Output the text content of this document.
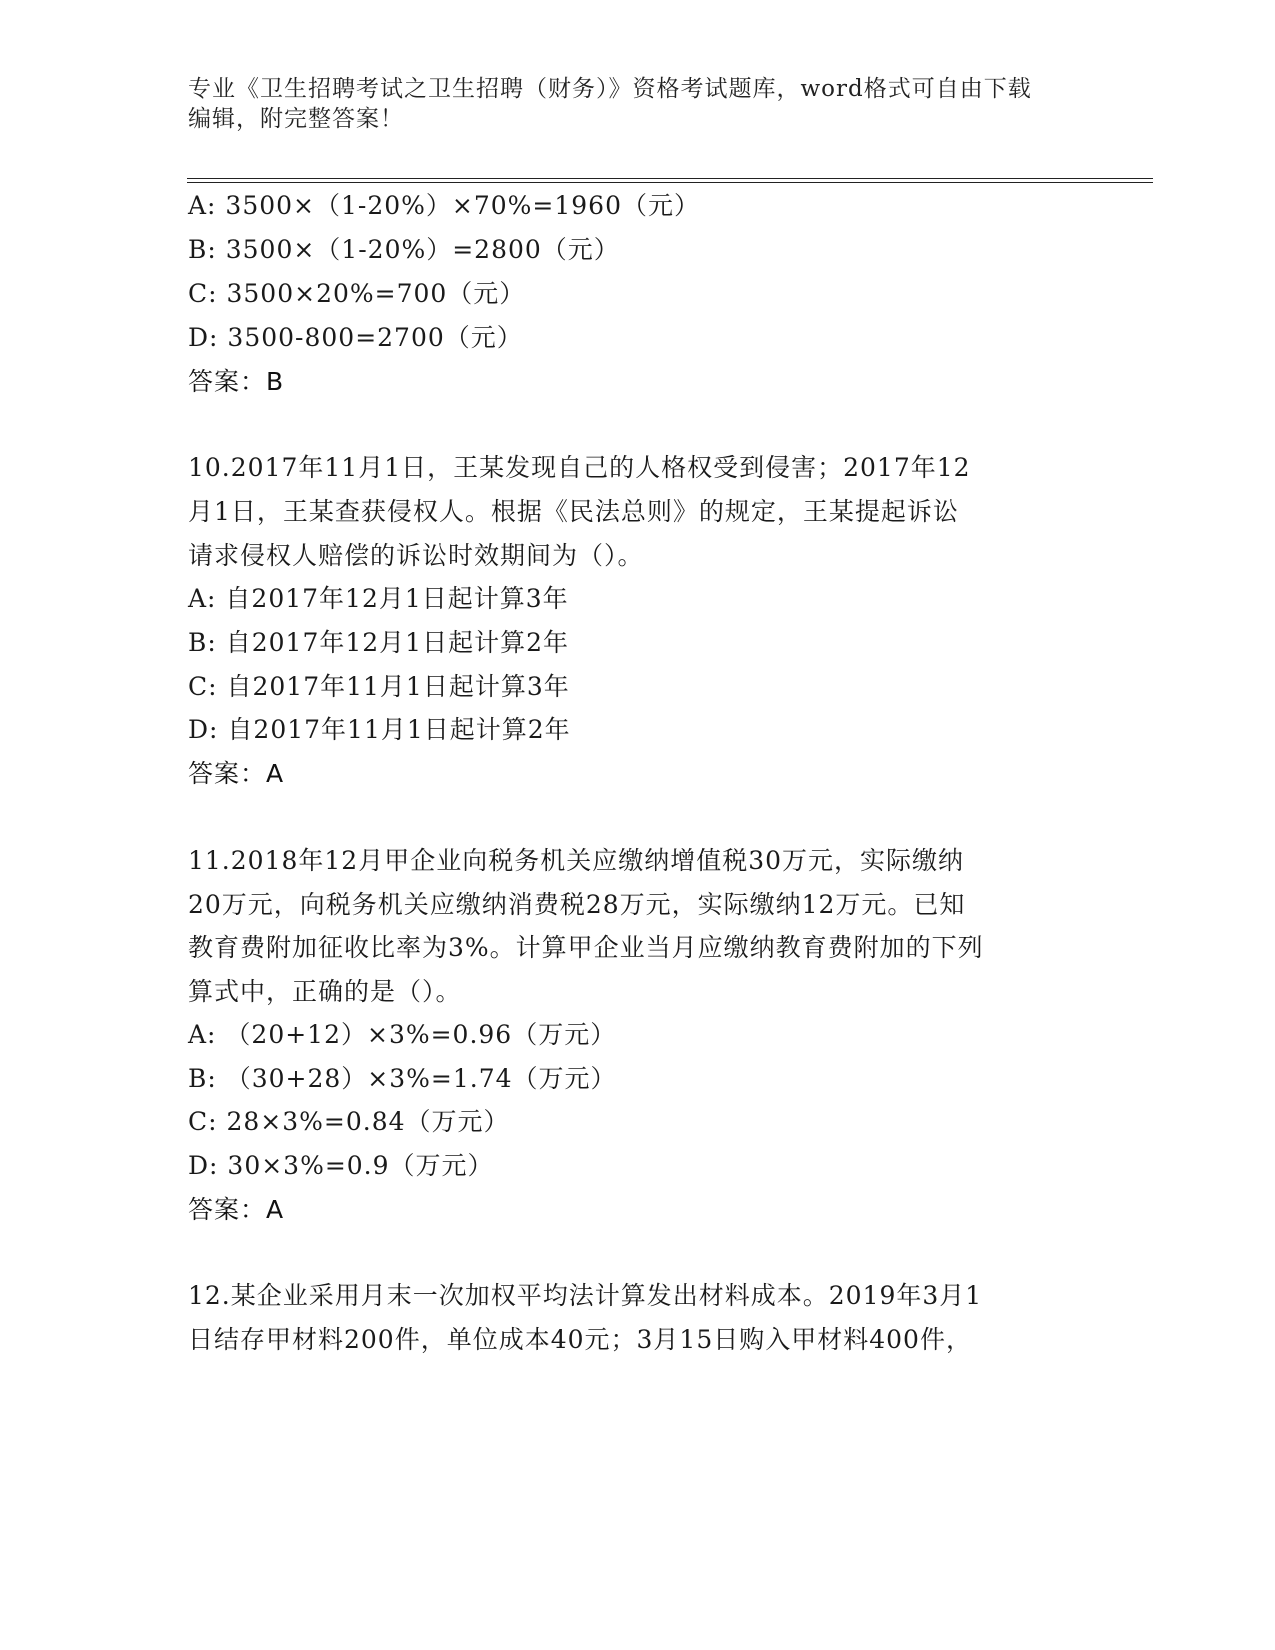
专业《卫生招聘考试之卫生招聘（财务）》资格考试题库，word格式可自由下载
编辑，附完整答案！
A: 3500×（1-20%）×70%=1960（元）
B: 3500×（1-20%）=2800（元）
C: 3500×20%=700（元）
D: 3500-800=2700（元）
答案：B
10.2017年11月1日，王某发现自己的人格权受到侵害；2017年12
月1日，王某查获侵权人。根据《民法总则》的规定，王某提起诉讼
请求侵权人赔偿的诉讼时效期间为（）。
A: 自2017年12月1日起计算3年
B: 自2017年12月1日起计算2年
C: 自2017年11月1日起计算3年
D: 自2017年11月1日起计算2年
答案：A
11.2018年12月甲企业向税务机关应缴纳增值税30万元，实际缴纳
20万元，向税务机关应缴纳消费税28万元，实际缴纳12万元。已知
教育费附加征收比率为3%。计算甲企业当月应缴纳教育费附加的下列
算式中，正确的是（）。
A: （20+12）×3%=0.96（万元）
B: （30+28）×3%=1.74（万元）
C: 28×3%=0.84（万元）
D: 30×3%=0.9（万元）
答案：A
12.某企业采用月末一次加权平均法计算发出材料成本。2019年3月1
日结存甲材料200件，单位成本40元；3月15日购入甲材料400件，
